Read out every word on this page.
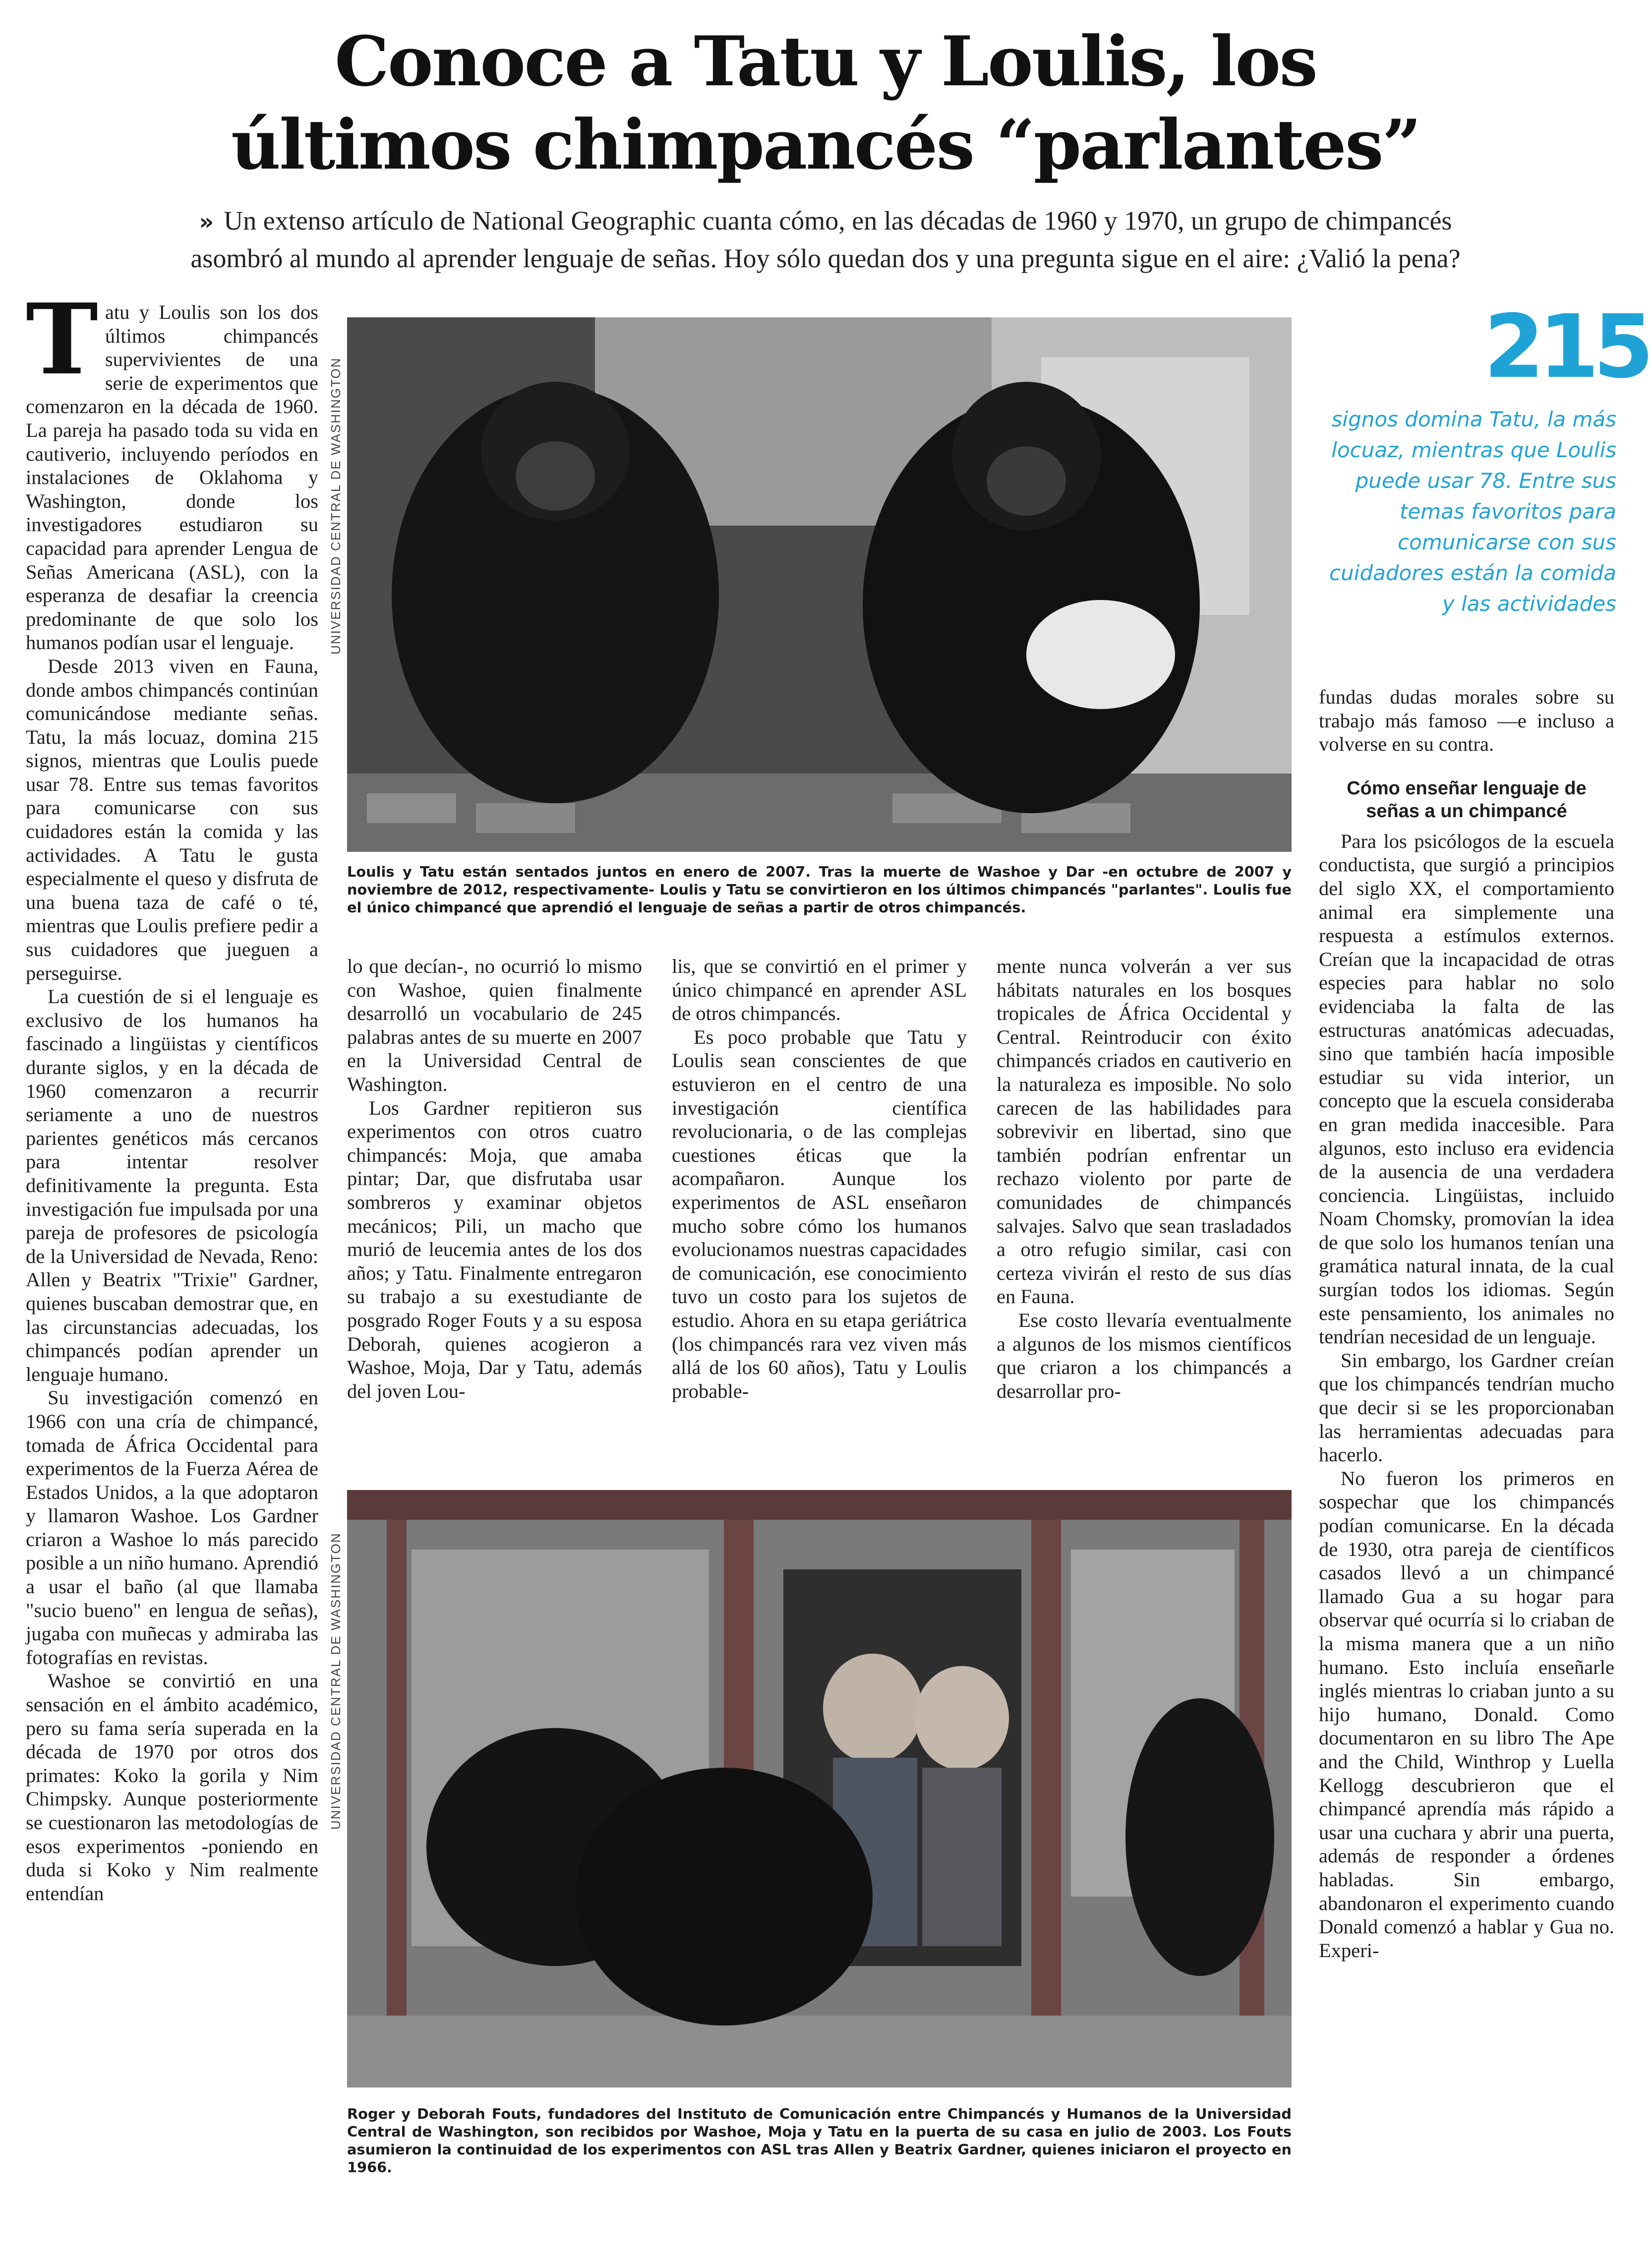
Conoce a Tatu y Loulis, los
últimos chimpancés “parlantes”
» Un extenso artículo de National Geographic cuanta cómo, en las décadas de 1960 y 1970, un grupo de chimpancés
asombró al mundo al aprender lenguaje de señas. Hoy sólo quedan dos y una pregunta sigue en el aire: ¿Valió la pena?

Tatu y Loulis son los dos últimos chimpancés supervivientes de una serie de experimentos que comenzaron en la década de 1960. La pareja ha pasado toda su vida en cautiverio, incluyendo períodos en instalaciones de Oklahoma y Washington, donde los investigadores estudiaron su capacidad para aprender Lengua de Señas Americana (ASL), con la esperanza de desafiar la creencia predominante de que solo los humanos podían usar el lenguaje.

Desde 2013 viven en Fauna, donde ambos chimpancés continúan comunicándose mediante señas. Tatu, la más locuaz, domina 215 signos, mientras que Loulis puede usar 78. Entre sus temas favoritos para comunicarse con sus cuidadores están la comida y las actividades. A Tatu le gusta especialmente el queso y disfruta de una buena taza de café o té, mientras que Loulis prefiere pedir a sus cuidadores que jueguen a perseguirse.

La cuestión de si el lenguaje es exclusivo de los humanos ha fascinado a lingüistas y científicos durante siglos, y en la década de 1960 comenzaron a recurrir seriamente a uno de nuestros parientes genéticos más cercanos para intentar resolver definitivamente la pregunta. Esta investigación fue impulsada por una pareja de profesores de psicología de la Universidad de Nevada, Reno: Allen y Beatrix "Trixie" Gardner, quienes buscaban demostrar que, en las circunstancias adecuadas, los chimpancés podían aprender un lenguaje humano.

Su investigación comenzó en 1966 con una cría de chimpancé, tomada de África Occidental para experimentos de la Fuerza Aérea de Estados Unidos, a la que adoptaron y llamaron Washoe. Los Gardner criaron a Washoe lo más parecido posible a un niño humano. Aprendió a usar el baño (al que llamaba "sucio bueno" en lengua de señas), jugaba con muñecas y admiraba las fotografías en revistas.

Washoe se convirtió en una sensación en el ámbito académico, pero su fama sería superada en la década de 1970 por otros dos primates: Koko la gorila y Nim Chimpsky. Aunque posteriormente se cuestionaron las metodologías de esos experimentos -poniendo en duda si Koko y Nim realmente entendían

UNIVERSIDAD CENTRAL DE WASHINGTON
Loulis y Tatu están sentados juntos en enero de 2007. Tras la muerte de Washoe y Dar -en octubre de 2007 y noviembre de 2012, respectivamente- Loulis y Tatu se convirtieron en los últimos chimpancés "parlantes". Loulis fue el único chimpancé que aprendió el lenguaje de señas a partir de otros chimpancés.
215
signos domina Tatu, la más locuaz, mientras que Loulis puede usar 78. Entre sus temas favoritos para comunicarse con sus cuidadores están la comida y las actividades

lo que decían-, no ocurrió lo mismo con Washoe, quien finalmente desarrolló un vocabulario de 245 palabras antes de su muerte en 2007 en la Universidad Central de Washington.

Los Gardner repitieron sus experimentos con otros cuatro chimpancés: Moja, que amaba pintar; Dar, que disfrutaba usar sombreros y examinar objetos mecánicos; Pili, un macho que murió de leucemia antes de los dos años; y Tatu. Finalmente entregaron su trabajo a su exestudiante de posgrado Roger Fouts y a su esposa Deborah, quienes acogieron a Washoe, Moja, Dar y Tatu, además del joven Lou-

lis, que se convirtió en el primer y único chimpancé en aprender ASL de otros chimpancés.

Es poco probable que Tatu y Loulis sean conscientes de que estuvieron en el centro de una investigación científica revolucionaria, o de las complejas cuestiones éticas que la acompañaron. Aunque los experimentos de ASL enseñaron mucho sobre cómo los humanos evolucionamos nuestras capacidades de comunicación, ese conocimiento tuvo un costo para los sujetos de estudio. Ahora en su etapa geriátrica (los chimpancés rara vez viven más allá de los 60 años), Tatu y Loulis probable-

mente nunca volverán a ver sus hábitats naturales en los bosques tropicales de África Occidental y Central. Reintroducir con éxito chimpancés criados en cautiverio en la naturaleza es imposible. No solo carecen de las habilidades para sobrevivir en libertad, sino que también podrían enfrentar un rechazo violento por parte de comunidades de chimpancés salvajes. Salvo que sean trasladados a otro refugio similar, casi con certeza vivirán el resto de sus días en Fauna.

Ese costo llevaría eventualmente a algunos de los mismos científicos que criaron a los chimpancés a desarrollar pro-

UNIVERSIDAD CENTRAL DE WASHINGTON
Roger y Deborah Fouts, fundadores del Instituto de Comunicación entre Chimpancés y Humanos de la Universidad Central de Washington, son recibidos por Washoe, Moja y Tatu en la puerta de su casa en julio de 2003. Los Fouts asumieron la continuidad de los experimentos con ASL tras Allen y Beatrix Gardner, quienes iniciaron el proyecto en 1966.

fundas dudas morales sobre su trabajo más famoso —e incluso a volverse en su contra.

Cómo enseñar lenguaje de señas a un chimpancé

Para los psicólogos de la escuela conductista, que surgió a principios del siglo XX, el comportamiento animal era simplemente una respuesta a estímulos externos. Creían que la incapacidad de otras especies para hablar no solo evidenciaba la falta de las estructuras anatómicas adecuadas, sino que también hacía imposible estudiar su vida interior, un concepto que la escuela consideraba en gran medida inaccesible. Para algunos, esto incluso era evidencia de la ausencia de una verdadera conciencia. Lingüistas, incluido Noam Chomsky, promovían la idea de que solo los humanos tenían una gramática natural innata, de la cual surgían todos los idiomas. Según este pensamiento, los animales no tendrían necesidad de un lenguaje.

Sin embargo, los Gardner creían que los chimpancés tendrían mucho que decir si se les proporcionaban las herramientas adecuadas para hacerlo.

No fueron los primeros en sospechar que los chimpancés podían comunicarse. En la década de 1930, otra pareja de científicos casados llevó a un chimpancé llamado Gua a su hogar para observar qué ocurría si lo criaban de la misma manera que a un niño humano. Esto incluía enseñarle inglés mientras lo criaban junto a su hijo humano, Donald. Como documentaron en su libro The Ape and the Child, Winthrop y Luella Kellogg descubrieron que el chimpancé aprendía más rápido a usar una cuchara y abrir una puerta, además de responder a órdenes habladas. Sin embargo, abandonaron el experimento cuando Donald comenzó a hablar y Gua no. Experi-
